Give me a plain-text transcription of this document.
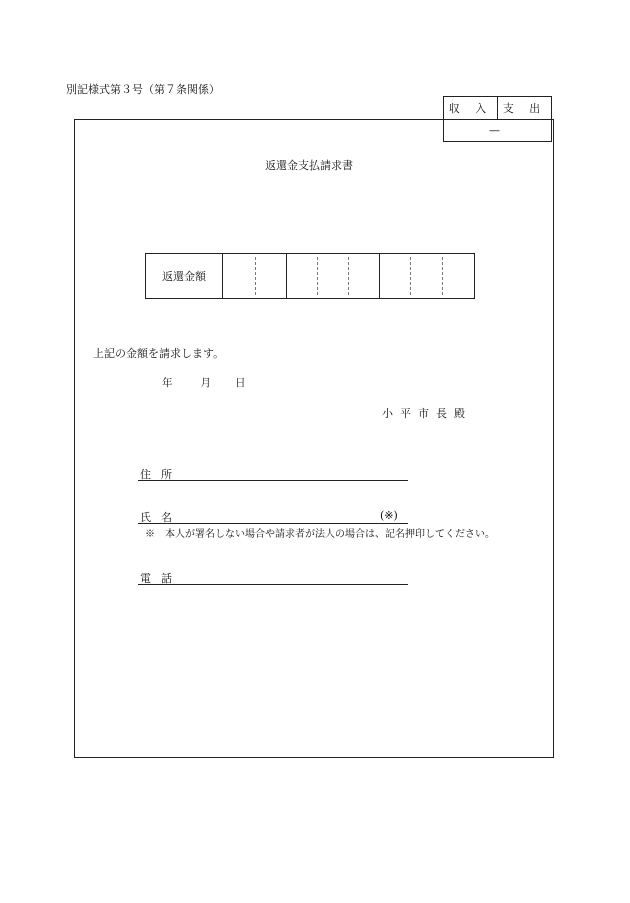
別記様式第３号（第７条関係）
収 入 支 出
—
返還金支払請求書
返還金額
上記の金額を請求します。
年	月 日
小平市長殿
住所
氏名	(※)
※　本人が署名しない場合や請求者が法人の場合は、記名押印してください。
電話
